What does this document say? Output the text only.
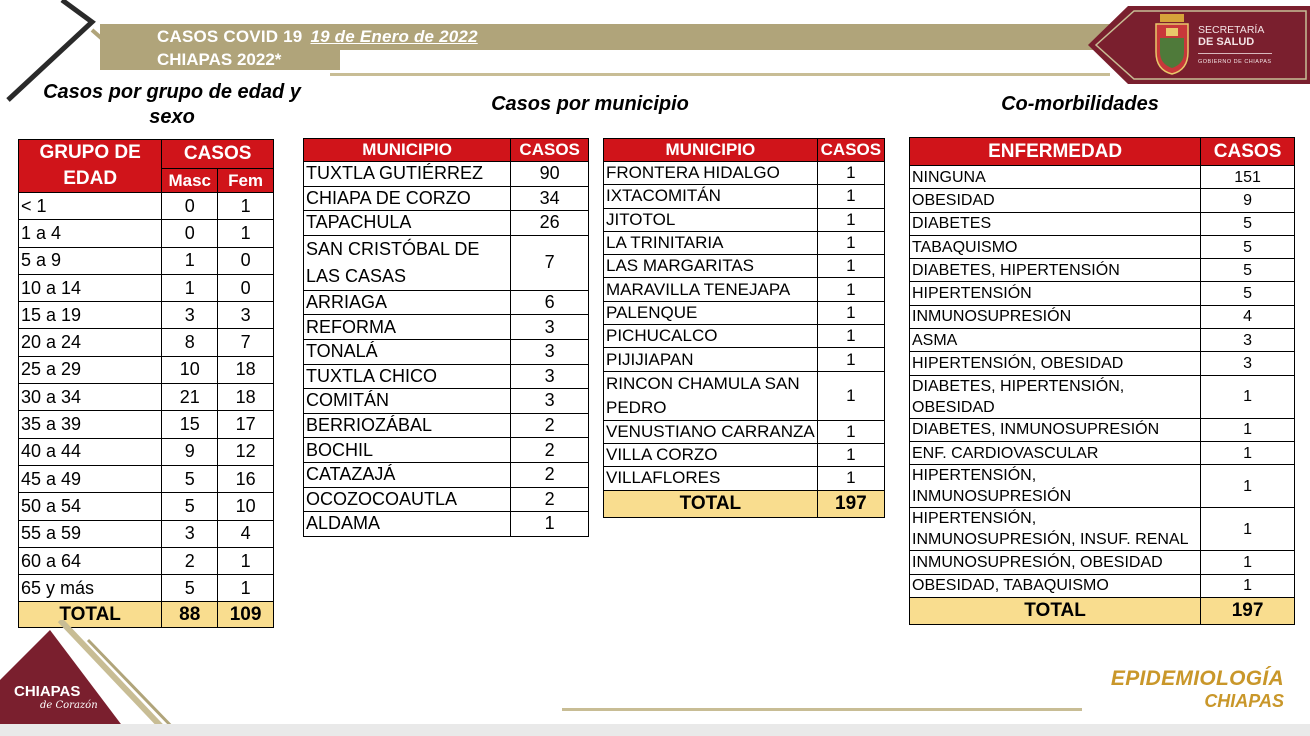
CASOS COVID 19 19 de Enero de 2022
CHIAPAS 2022*
SECRETARÍA
DE SALUD
GOBIERNO DE CHIAPAS
Casos por grupo de edad y sexo
Casos por municipio	Co-morbilidades
GRUPO DE EDAD	CASOS	
	Masc	Fem
< 1	0	1
1 a 4	0	1
5 a 9	1	0
10 a 14	1	0
15 a 19	3	3
20 a 24	8	7
25 a 29	10	18
30 a 34	21	18
35 a 39	15	17
40 a 44	9	12
45 a 49	5	16
50 a 54	5	10
55 a 59	3	4
60 a 64	2	1
65 y más	5	1
TOTAL	88	109
MUNICIPIO	CASOS
TUXTLA GUTIÉRREZ	90
CHIAPA DE CORZO	34
TAPACHULA	26
SAN CRISTÓBAL DE LAS CASAS	7
ARRIAGA	6
REFORMA	3
TONALÁ	3
TUXTLA CHICO	3
COMITÁN	3
BERRIOZÁBAL	2
BOCHIL	2
CATAZAJÁ	2
OCOZOCOAUTLA	2
ALDAMA	1
MUNICIPIO	CASOS
FRONTERA HIDALGO	1
IXTACOMITÁN	1
JITOTOL	1
LA TRINITARIA	1
LAS MARGARITAS	1
MARAVILLA TENEJAPA	1
PALENQUE	1
PICHUCALCO	1
PIJIJIAPAN	1
RINCON CHAMULA SAN PEDRO	1
VENUSTIANO CARRANZA	1
VILLA CORZO	1
VILLAFLORES	1
TOTAL	197
ENFERMEDAD	CASOS
NINGUNA	151
OBESIDAD	9
DIABETES	5
TABAQUISMO	5
DIABETES, HIPERTENSIÓN	5
HIPERTENSIÓN	5
INMUNOSUPRESIÓN	4
ASMA	3
HIPERTENSIÓN, OBESIDAD	3
DIABETES, HIPERTENSIÓN, OBESIDAD	1
DIABETES, INMUNOSUPRESIÓN	1
ENF. CARDIOVASCULAR	1
HIPERTENSIÓN, INMUNOSUPRESIÓN	1
HIPERTENSIÓN, INMUNOSUPRESIÓN, INSUF. RENAL	1
INMUNOSUPRESIÓN, OBESIDAD	1
OBESIDAD, TABAQUISMO	1
TOTAL	197
CHIAPAS
de Corazón
EPIDEMIOLOGÍA
CHIAPAS
